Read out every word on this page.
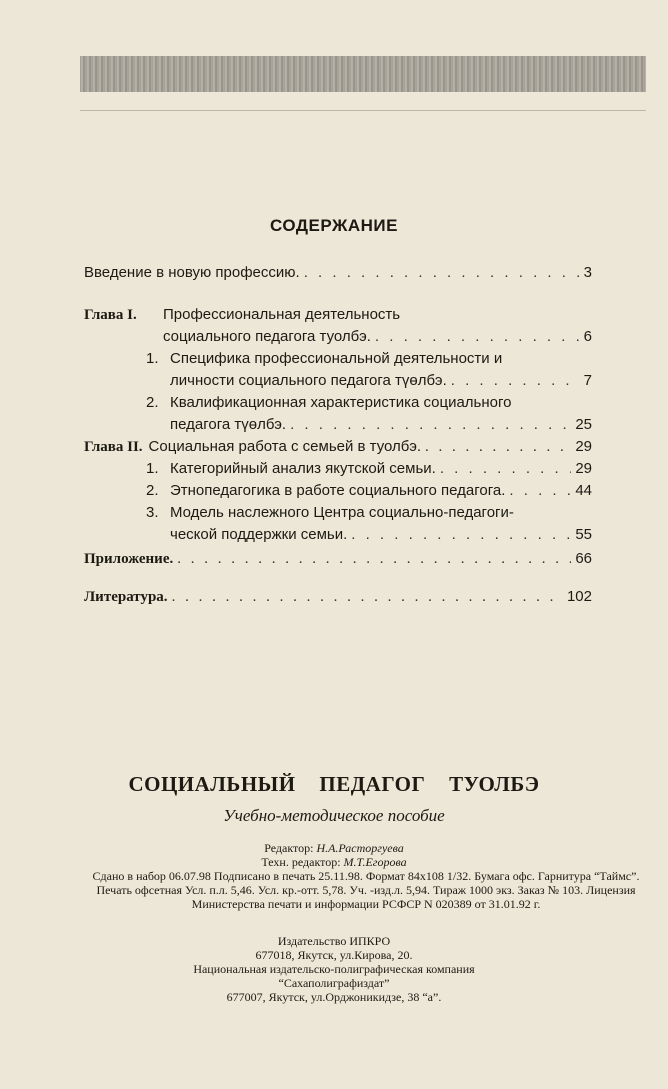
СОДЕРЖАНИЕ
Введение в новую профессию. . . .	3
Глава I. Профессиональная деятельность
социального педагога туолбэ. . . .	6
1. Специфика профессиональной деятельности и
личности социального педагога түөлбэ. . . .	7
2. Квалификационная характеристика социального
педагога түөлбэ. . . .	25
Глава II. Социальная работа с семьей в туолбэ. . . .	29
1. Категорийный анализ якутской семьи. . . .	29
2. Этнопедагогика в работе социального педагога. . . .	44
3. Модель наслежного Центра социально-педагоги-
ческой поддержки семьи. . . .	55
Приложение. . . .	66
Литература. . . .	102
СОЦИАЛЬНЫЙ ПЕДАГОГ ТУОЛБЭ
Учебно-методическое пособие
Редактор: Н.А.Расторгуева
Техн. редактор: М.Т.Егорова
Сдано в набор 06.07.98 Подписано в печать 25.11.98. Формат 84x108 1/32. Бумага офс. Гарнитура “Таймс”. Печать офсетная Усл. п.л. 5,46. Усл. кр.-отт. 5,78. Уч. -изд.л. 5,94. Тираж 1000 экз. Заказ № 103. Лицензия Министерства печати и информации РСФСР N 020389 от 31.01.92 г.
Издательство ИПКРО
677018, Якутск, ул.Кирова, 20.
Национальная издательско-полиграфическая компания
“Сахаполиграфиздат”
677007, Якутск, ул.Орджоникидзе, 38 “а”.
